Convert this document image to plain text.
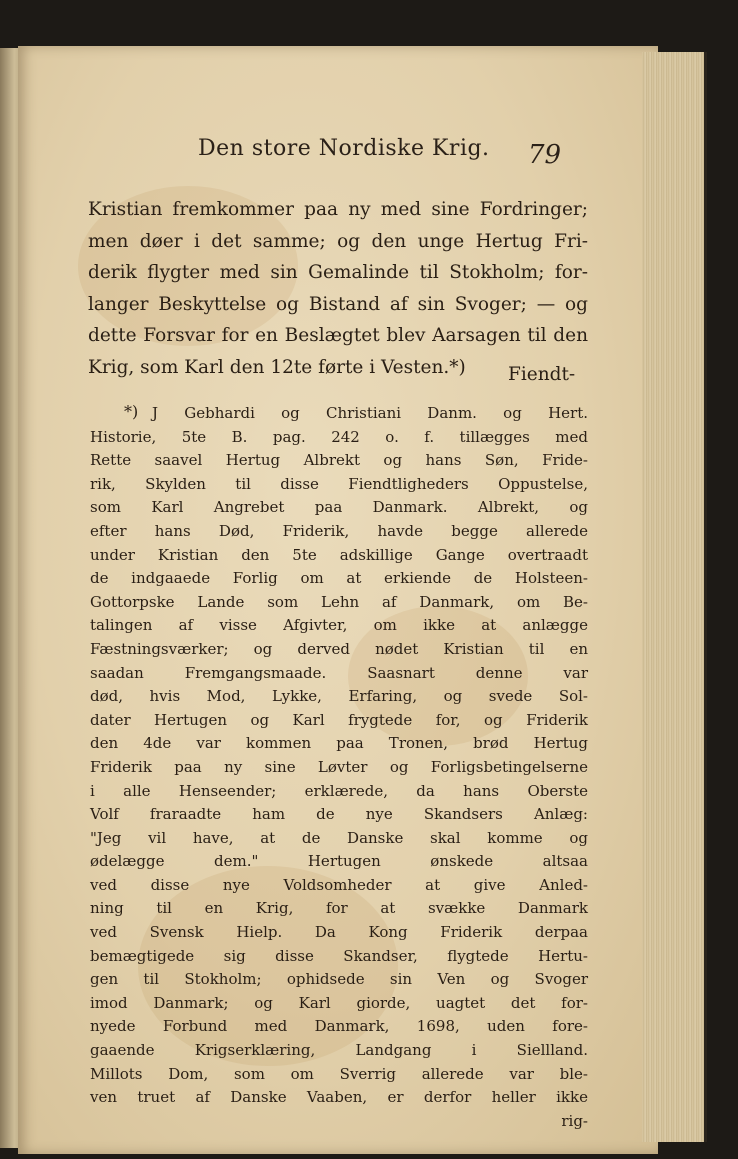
Den store Nordiske Krig. 79
Kristian fremkommer paa ny med sine Fordringer;
men døer i det samme; og den unge Hertug Fri-
derik flygter med sin Gemalinde til Stokholm; for-
langer Beskyttelse og Bistand af sin Svoger; — og
dette Forsvar for en Beslægtet blev Aarsagen til den
Krig, som Karl den 12te førte i Vesten.*)	Fiendt-
*) J Gebhardi og Christiani Danm. og Hert.
Historie, 5te B. pag. 242 o. f. tillægges med
Rette saavel Hertug Albrekt og hans Søn, Fride-
rik, Skylden til disse Fiendtligheders Oppustelse,
som Karl Angrebet paa Danmark. Albrekt, og
efter hans Død, Friderik, havde begge allerede
under Kristian den 5te adskillige Gange overtraadt
de indgaaede Forlig om at erkiende de Holsteen-
Gottorpske Lande som Lehn af Danmark, om Be-
talingen af visse Afgivter, om ikke at anlægge
Fæstningsværker; og derved nødet Kristian til en
saadan Fremgangsmaade. Saasnart denne var
død, hvis Mod, Lykke, Erfaring, og svede Sol-
dater Hertugen og Karl frygtede for, og Friderik
den 4de var kommen paa Tronen, brød Hertug
Friderik paa ny sine Løvter og Forligsbetingelserne
i alle Henseender; erklærede, da hans Oberste
Volf fraraadte ham de nye Skandsers Anlæg:
"Jeg vil have, at de Danske skal komme og
ødelægge dem." Hertugen ønskede altsaa
ved disse nye Voldsomheder at give Anled-
ning til en Krig, for at svække Danmark
ved Svensk Hielp. Da Kong Friderik derpaa
bemægtigede sig disse Skandser, flygtede Hertu-
gen til Stokholm; ophidsede sin Ven og Svoger
imod Danmark; og Karl giorde, uagtet det for-
nyede Forbund med Danmark, 1698, uden fore-
gaaende Krigserklæring, Landgang i Siellland.
Millots Dom, som om Sverrig allerede var ble-
ven truet af Danske Vaaben, er derfor heller ikke
rig-
